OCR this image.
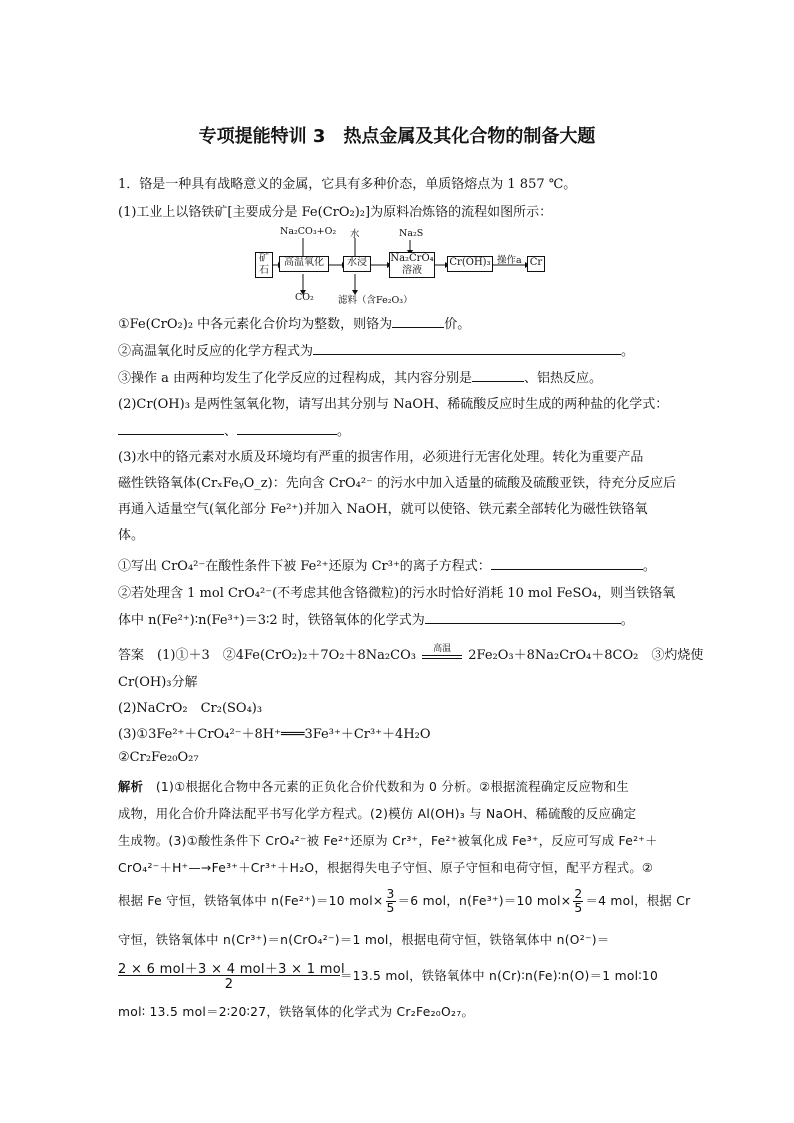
专项提能特训 3　热点金属及其化合物的制备大题
1．铬是一种具有战略意义的金属，它具有多种价态，单质铬熔点为 1 857 ℃。
(1)工业上以铬铁矿[主要成分是 Fe(CrO₂)₂]为原料冶炼铬的流程如图所示：
矿石
高温氧化	水浸	Na₂CrO₄溶液
Cr(OH)₃	Cr
Na₂CO₃+O₂ 水	Na₂S
CO₂	滤料（含Fe₂O₃）
操作a
①Fe(CrO₂)₂ 中各元素化合价均为整数，则铬为	价。
②高温氧化时反应的化学方程式为	。
③操作 a 由两种均发生了化学反应的过程构成，其内容分别是	、铝热反应。
(2)Cr(OH)₃ 是两性氢氧化物，请写出其分别与 NaOH、稀硫酸反应时生成的两种盐的化学式：
、	。
(3)水中的铬元素对水质及环境均有严重的损害作用，必须进行无害化处理。转化为重要产品
磁性铁铬氧体(CrₓFeᵧO_z)：先向含 CrO₄²⁻ 的污水中加入适量的硫酸及硫酸亚铁，待充分反应后
再通入适量空气(氧化部分 Fe²⁺)并加入 NaOH，就可以使铬、铁元素全部转化为磁性铁铬氧
体。
①写出 CrO₄²⁻在酸性条件下被 Fe²⁺还原为 Cr³⁺的离子方程式：	。
②若处理含 1 mol CrO₄²⁻(不考虑其他含铬微粒)的污水时恰好消耗 10 mol FeSO₄，则当铁铬氧
体中 n(Fe²⁺)∶n(Fe³⁺)＝3∶2 时，铁铬氧体的化学式为	。
答案　 (1)①＋3　②4Fe(CrO₂)₂＋7O₂＋8Na₂CO₃	高温	2Fe₂O₃＋8Na₂CrO₄＋8CO₂　③灼烧使
Cr(OH)₃分解
(2)NaCrO₂　Cr₂(SO₄)₃
(3)①3Fe²⁺＋CrO₄²⁻＋8H⁺═══3Fe³⁺＋Cr³⁺＋4H₂O
②Cr₂Fe₂₀O₂₇
解析　 (1)①根据化合物中各元素的正负化合价代数和为 0 分析。②根据流程确定反应物和生
成物，用化合价升降法配平书写化学方程式。(2)模仿 Al(OH)₃ 与 NaOH、稀硫酸的反应确定
生成物。(3)①酸性条件下 CrO₄²⁻被 Fe²⁺还原为 Cr³⁺，Fe²⁺被氧化成 Fe³⁺，反应可写成 Fe²⁺＋
CrO₄²⁻＋H⁺—→Fe³⁺＋Cr³⁺＋H₂O，根据得失电子守恒、原子守恒和电荷守恒，配平方程式。②
根据 Fe 守恒，铁铬氧体中 n(Fe²⁺)＝10 $mol\times \frac{3}{5} =6$ mol，n(Fe³⁺)＝10 $mol\times \frac{2}{5} =4$ mol，根据 Cr
守恒，铁铬氧体中 n(Cr³⁺)＝n(CrO₄²⁻)＝1 mol，根据电荷守恒，铁铬氧体中 n(O²⁻)＝
2 × 6 mol＋3 × 4 mol＋3 × 1 mol
2
＝13.5 mol，铁铬氧体中 n(Cr)∶n(Fe)∶n(O)＝1 mol∶10
mol∶ 13.5 mol＝2∶20∶27，铁铬氧体的化学式为 Cr₂Fe₂₀O₂₇。
